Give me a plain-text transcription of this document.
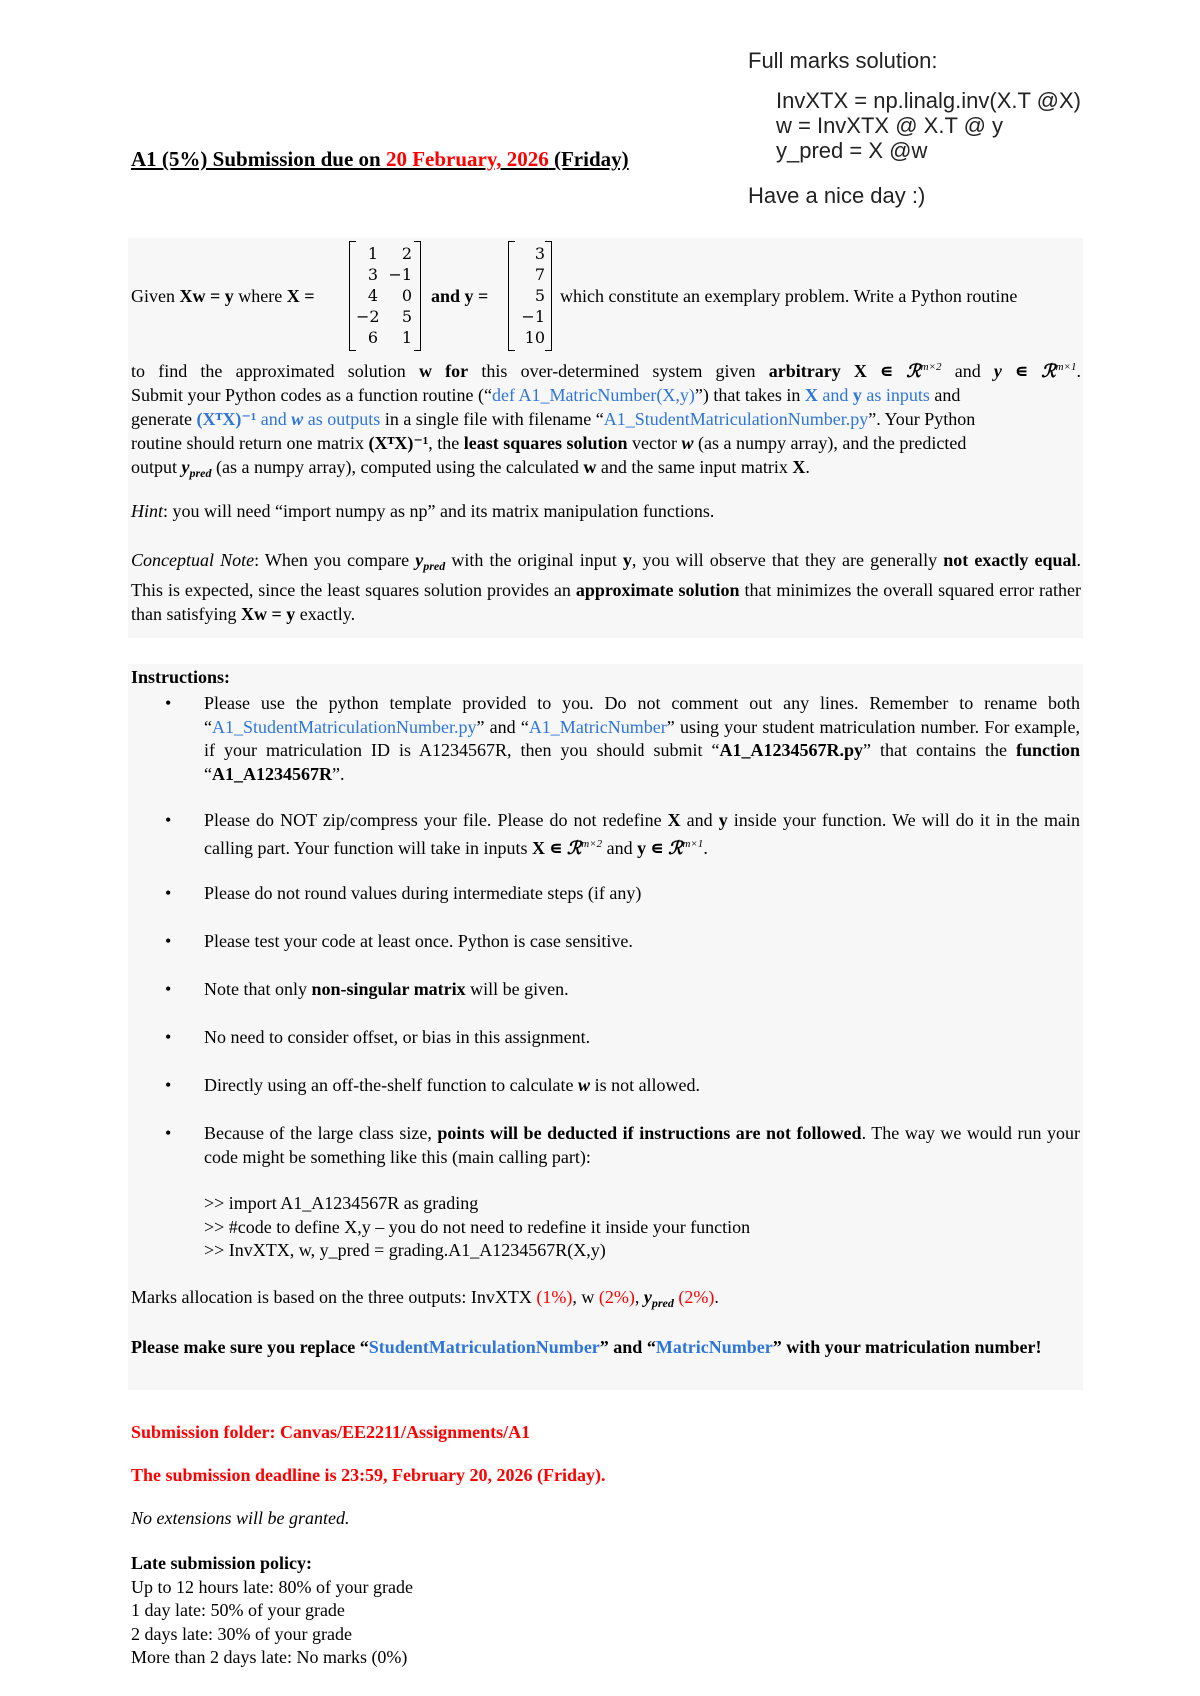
Full marks solution:
InvXTX = np.linalg.inv(X.T @X)
w = InvXTX @ X.T @ y
y_pred = X @w
Have a nice day :)
A1 (5%) Submission due on 20 February, 2026 (Friday)
Given Xw = y where X =
1	2
3 −1
4	0
−2	5
6	1
and y =
3
7
5
−1
10
which constitute an exemplary problem. Write a Python routine

to find the approximated solution w for this over-determined system given arbitrary X ∊ ℛ$^{m\times 2}$ and y ∊ ℛ$^{m\times 1}$.

Submit your Python codes as a function routine (“def A1_MatricNumber(X,y)”) that takes in X and y as inputs and
generate (XᵀX)⁻¹ and w as outputs in a single file with filename “A1_StudentMatriculationNumber.py”. Your Python
routine should return one matrix (XᵀX)⁻¹, the least squares solution vector w (as a numpy array), and the predicted
output $y_{pred}$ (as a numpy array), computed using the calculated w and the same input matrix X.

Hint: you will need “import numpy as np” and its matrix manipulation functions.
Conceptual Note: When you compare $y_{pred}$ with the original input y, you will observe that they are generally not exactly equal. This is expected, since the least squares solution provides an approximate solution that minimizes the overall squared error rather than satisfying Xw = y exactly.
Instructions:
• Please use the python template provided to you. Do not comment out any lines. Remember to rename both “A1_StudentMatriculationNumber.py” and “A1_MatricNumber” using your student matriculation number. For example, if your matriculation ID is A1234567R, then you should submit “A1_A1234567R.py” that contains the function “A1_A1234567R”.
• Please do NOT zip/compress your file. Please do not redefine X and y inside your function. We will do it in the main calling part. Your function will take in inputs X ∊ ℛ$^{m\times 2}$ and y ∊ ℛ$^{m\times 1}$.
• Please do not round values during intermediate steps (if any)
• Please test your code at least once. Python is case sensitive.
• Note that only non-singular matrix will be given.
• No need to consider offset, or bias in this assignment.
• Directly using an off-the-shelf function to calculate w is not allowed.
• Because of the large class size, points will be deducted if instructions are not followed. The way we would run your code might be something like this (main calling part):
>> import A1_A1234567R as grading
>> #code to define X,y – you do not need to redefine it inside your function
>> InvXTX, w, y_pred = grading.A1_A1234567R(X,y)
Marks allocation is based on the three outputs: InvXTX (1%), w (2%), $y_{pred}$ (2%).
Please make sure you replace “StudentMatriculationNumber” and “MatricNumber” with your matriculation number!
Submission folder: Canvas/EE2211/Assignments/A1
The submission deadline is 23:59, February 20, 2026 (Friday).
No extensions will be granted.
Late submission policy:
Up to 12 hours late: 80% of your grade
1 day late: 50% of your grade
2 days late: 30% of your grade
More than 2 days late: No marks (0%)
